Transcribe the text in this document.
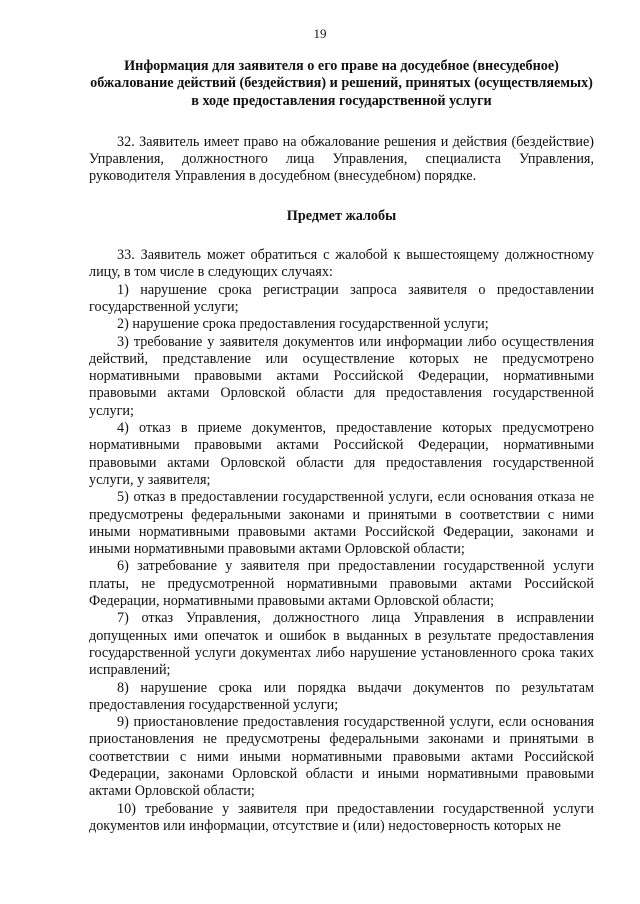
19

Информация для заявителя о его праве на досудебное (внесудебное) обжалование действий (бездействия) и решений, принятых (осуществляемых) в ходе предоставления государственной услуги

32. Заявитель имеет право на обжалование решения и действия (бездействие) Управления, должностного лица Управления, специалиста Управления, руководителя Управления в досудебном (внесудебном) порядке.

Предмет жалобы

33. Заявитель может обратиться с жалобой к вышестоящему должностному лицу, в том числе в следующих случаях:

1) нарушение срока регистрации запроса заявителя о предоставлении государственной услуги;

2) нарушение срока предоставления государственной услуги;

3) требование у заявителя документов или информации либо осуществления действий, представление или осуществление которых не предусмотрено нормативными правовыми актами Российской Федерации, нормативными правовыми актами Орловской области для предоставления государственной услуги;

4) отказ в приеме документов, предоставление которых предусмотрено нормативными правовыми актами Российской Федерации, нормативными правовыми актами Орловской области для предоставления государственной услуги, у заявителя;

5) отказ в предоставлении государственной услуги, если основания отказа не предусмотрены федеральными законами и принятыми в соответствии с ними иными нормативными правовыми актами Российской Федерации, законами и иными нормативными правовыми актами Орловской области;

6) затребование у заявителя при предоставлении государственной услуги платы, не предусмотренной нормативными правовыми актами Российской Федерации, нормативными правовыми актами Орловской области;

7) отказ Управления, должностного лица Управления в исправлении допущенных ими опечаток и ошибок в выданных в результате предоставления государственной услуги документах либо нарушение установленного срока таких исправлений;

8) нарушение срока или порядка выдачи документов по результатам предоставления государственной услуги;

9) приостановление предоставления государственной услуги, если основания приостановления не предусмотрены федеральными законами и принятыми в соответствии с ними иными нормативными правовыми актами Российской Федерации, законами Орловской области и иными нормативными правовыми актами Орловской области;

10) требование у заявителя при предоставлении государственной услуги документов или информации, отсутствие и (или) недостоверность которых не
